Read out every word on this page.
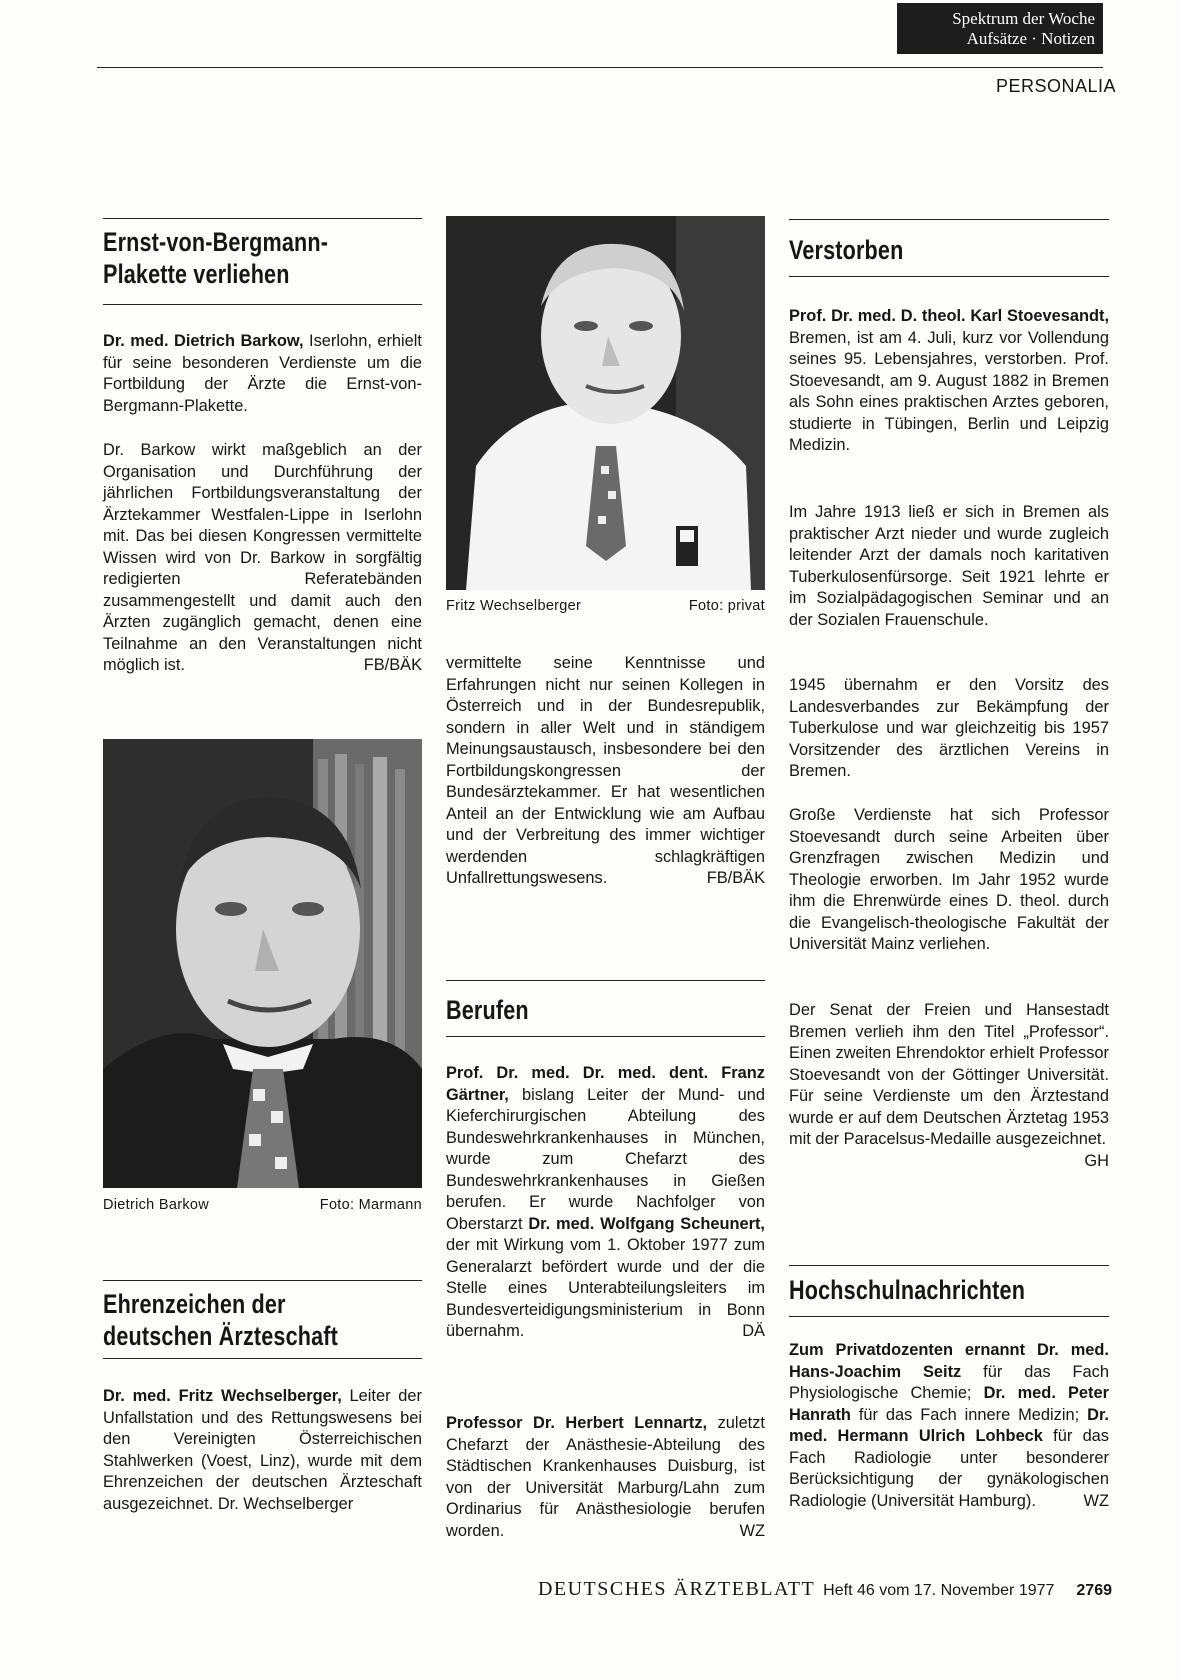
Spektrum der Woche
Aufsätze · Notizen
PERSONALIA
Ernst-von-Bergmann-
Plakette verliehen
Dr. med. Dietrich Barkow, Iserlohn, erhielt für seine besonderen Verdienste um die Fortbildung der Ärzte die Ernst-von-Bergmann-Plakette.
Dr. Barkow wirkt maßgeblich an der Organisation und Durchführung der jährlichen Fortbildungsveranstaltung der Ärztekammer Westfalen-Lippe in Iserlohn mit. Das bei diesen Kongressen vermittelte Wissen wird von Dr. Barkow in sorgfältig redigierten Referatebänden zusammengestellt und damit auch den Ärzten zugänglich gemacht, denen eine Teilnahme an den Veranstaltungen nicht möglich ist.	FB/BÄK
Dietrich Barkow	Foto: Marmann
Ehrenzeichen der
deutschen Ärzteschaft
Dr. med. Fritz Wechselberger, Leiter der Unfallstation und des Rettungswesens bei den Vereinigten Österreichischen Stahlwerken (Voest, Linz), wurde mit dem Ehrenzeichen der deutschen Ärzteschaft ausgezeichnet. Dr. Wechselberger
Fritz Wechselberger	Foto: privat
vermittelte seine Kenntnisse und Erfahrungen nicht nur seinen Kollegen in Österreich und in der Bundesrepublik, sondern in aller Welt und in ständigem Meinungsaustausch, insbesondere bei den Fortbildungskongressen der Bundesärztekammer. Er hat wesentlichen Anteil an der Entwicklung wie am Aufbau und der Verbreitung des immer wichtiger werdenden schlagkräftigen Unfallrettungswesens.	FB/BÄK
Berufen
Prof. Dr. med. Dr. med. dent. Franz Gärtner, bislang Leiter der Mund- und Kieferchirurgischen Abteilung des Bundeswehrkrankenhauses in München, wurde zum Chefarzt des Bundeswehrkrankenhauses in Gießen berufen. Er wurde Nachfolger von Oberstarzt Dr. med. Wolfgang Scheunert, der mit Wirkung vom 1. Oktober 1977 zum Generalarzt befördert wurde und der die Stelle eines Unterabteilungsleiters im Bundesverteidigungsministerium in Bonn übernahm.	DÄ
Professor Dr. Herbert Lennartz, zuletzt Chefarzt der Anästhesie-Abteilung des Städtischen Krankenhauses Duisburg, ist von der Universität Marburg/Lahn zum Ordinarius für Anästhesiologie berufen worden.	WZ
Verstorben
Prof. Dr. med. D. theol. Karl Stoevesandt, Bremen, ist am 4. Juli, kurz vor Vollendung seines 95. Lebensjahres, verstorben. Prof. Stoevesandt, am 9. August 1882 in Bremen als Sohn eines praktischen Arztes geboren, studierte in Tübingen, Berlin und Leipzig Medizin.
Im Jahre 1913 ließ er sich in Bremen als praktischer Arzt nieder und wurde zugleich leitender Arzt der damals noch karitativen Tuberkulosenfürsorge. Seit 1921 lehrte er im Sozialpädagogischen Seminar und an der Sozialen Frauenschule.
1945 übernahm er den Vorsitz des Landesverbandes zur Bekämpfung der Tuberkulose und war gleichzeitig bis 1957 Vorsitzender des ärztlichen Vereins in Bremen.
Große Verdienste hat sich Professor Stoevesandt durch seine Arbeiten über Grenzfragen zwischen Medizin und Theologie erworben. Im Jahr 1952 wurde ihm die Ehrenwürde eines D. theol. durch die Evangelisch-theologische Fakultät der Universität Mainz verliehen.
Der Senat der Freien und Hansestadt Bremen verlieh ihm den Titel „Professor“. Einen zweiten Ehrendoktor erhielt Professor Stoevesandt von der Göttinger Universität. Für seine Verdienste um den Ärztestand wurde er auf dem Deutschen Ärztetag 1953 mit der Paracelsus-Medaille ausgezeichnet.
GH
Hochschulnachrichten
Zum Privatdozenten ernannt Dr. med. Hans-Joachim Seitz für das Fach Physiologische Chemie; Dr. med. Peter Hanrath für das Fach innere Medizin; Dr. med. Hermann Ulrich Lohbeck für das Fach Radiologie unter besonderer Berücksichtigung der gynäkologischen Radiologie (Universität Hamburg).	WZ
DEUTSCHES ÄRZTEBLATT Heft 46 vom 17. November 1977 2769
